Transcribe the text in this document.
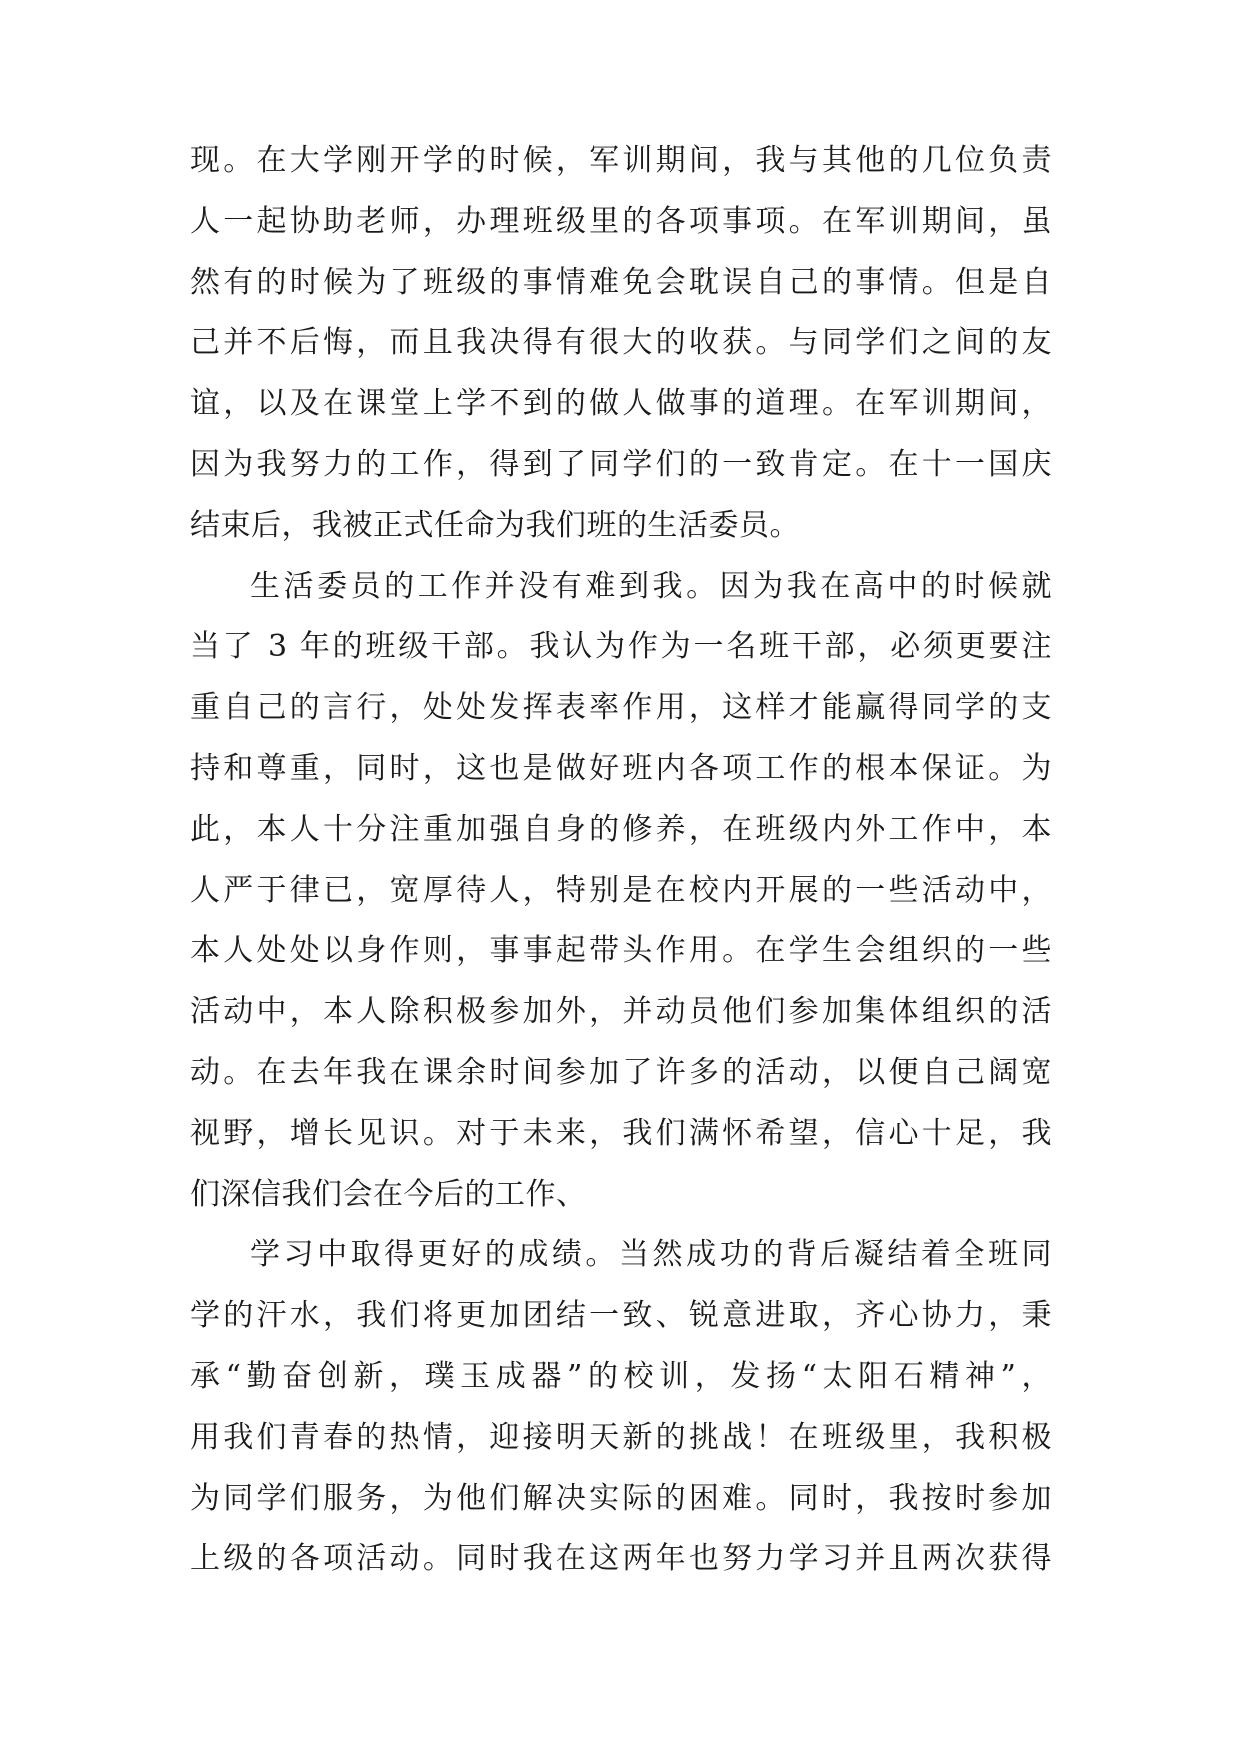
现。在大学刚开学的时候，军训期间，我与其他的几位负责
人一起协助老师，办理班级里的各项事项。在军训期间，虽
然有的时候为了班级的事情难免会耽误自己的事情。但是自
己并不后悔，而且我决得有很大的收获。与同学们之间的友
谊，以及在课堂上学不到的做人做事的道理。在军训期间，
因为我努力的工作，得到了同学们的一致肯定。在十一国庆
结束后，我被正式任命为我们班的生活委员。
生活委员的工作并没有难到我。因为我在高中的时候就
当了 3 年的班级干部。我认为作为一名班干部，必须更要注
重自己的言行，处处发挥表率作用，这样才能赢得同学的支
持和尊重，同时，这也是做好班内各项工作的根本保证。为
此，本人十分注重加强自身的修养，在班级内外工作中，本
人严于律已，宽厚待人，特别是在校内开展的一些活动中，
本人处处以身作则，事事起带头作用。在学生会组织的一些
活动中，本人除积极参加外，并动员他们参加集体组织的活
动。在去年我在课余时间参加了许多的活动，以便自己阔宽
视野，增长见识。对于未来，我们满怀希望，信心十足，我
们深信我们会在今后的工作、
学习中取得更好的成绩。当然成功的背后凝结着全班同
学的汗水，我们将更加团结一致、锐意进取，齐心协力，秉
承“勤奋创新，璞玉成器”的校训，发扬“太阳石精神”，
用我们青春的热情，迎接明天新的挑战！在班级里，我积极
为同学们服务，为他们解决实际的困难。同时，我按时参加
上级的各项活动。同时我在这两年也努力学习并且两次获得
